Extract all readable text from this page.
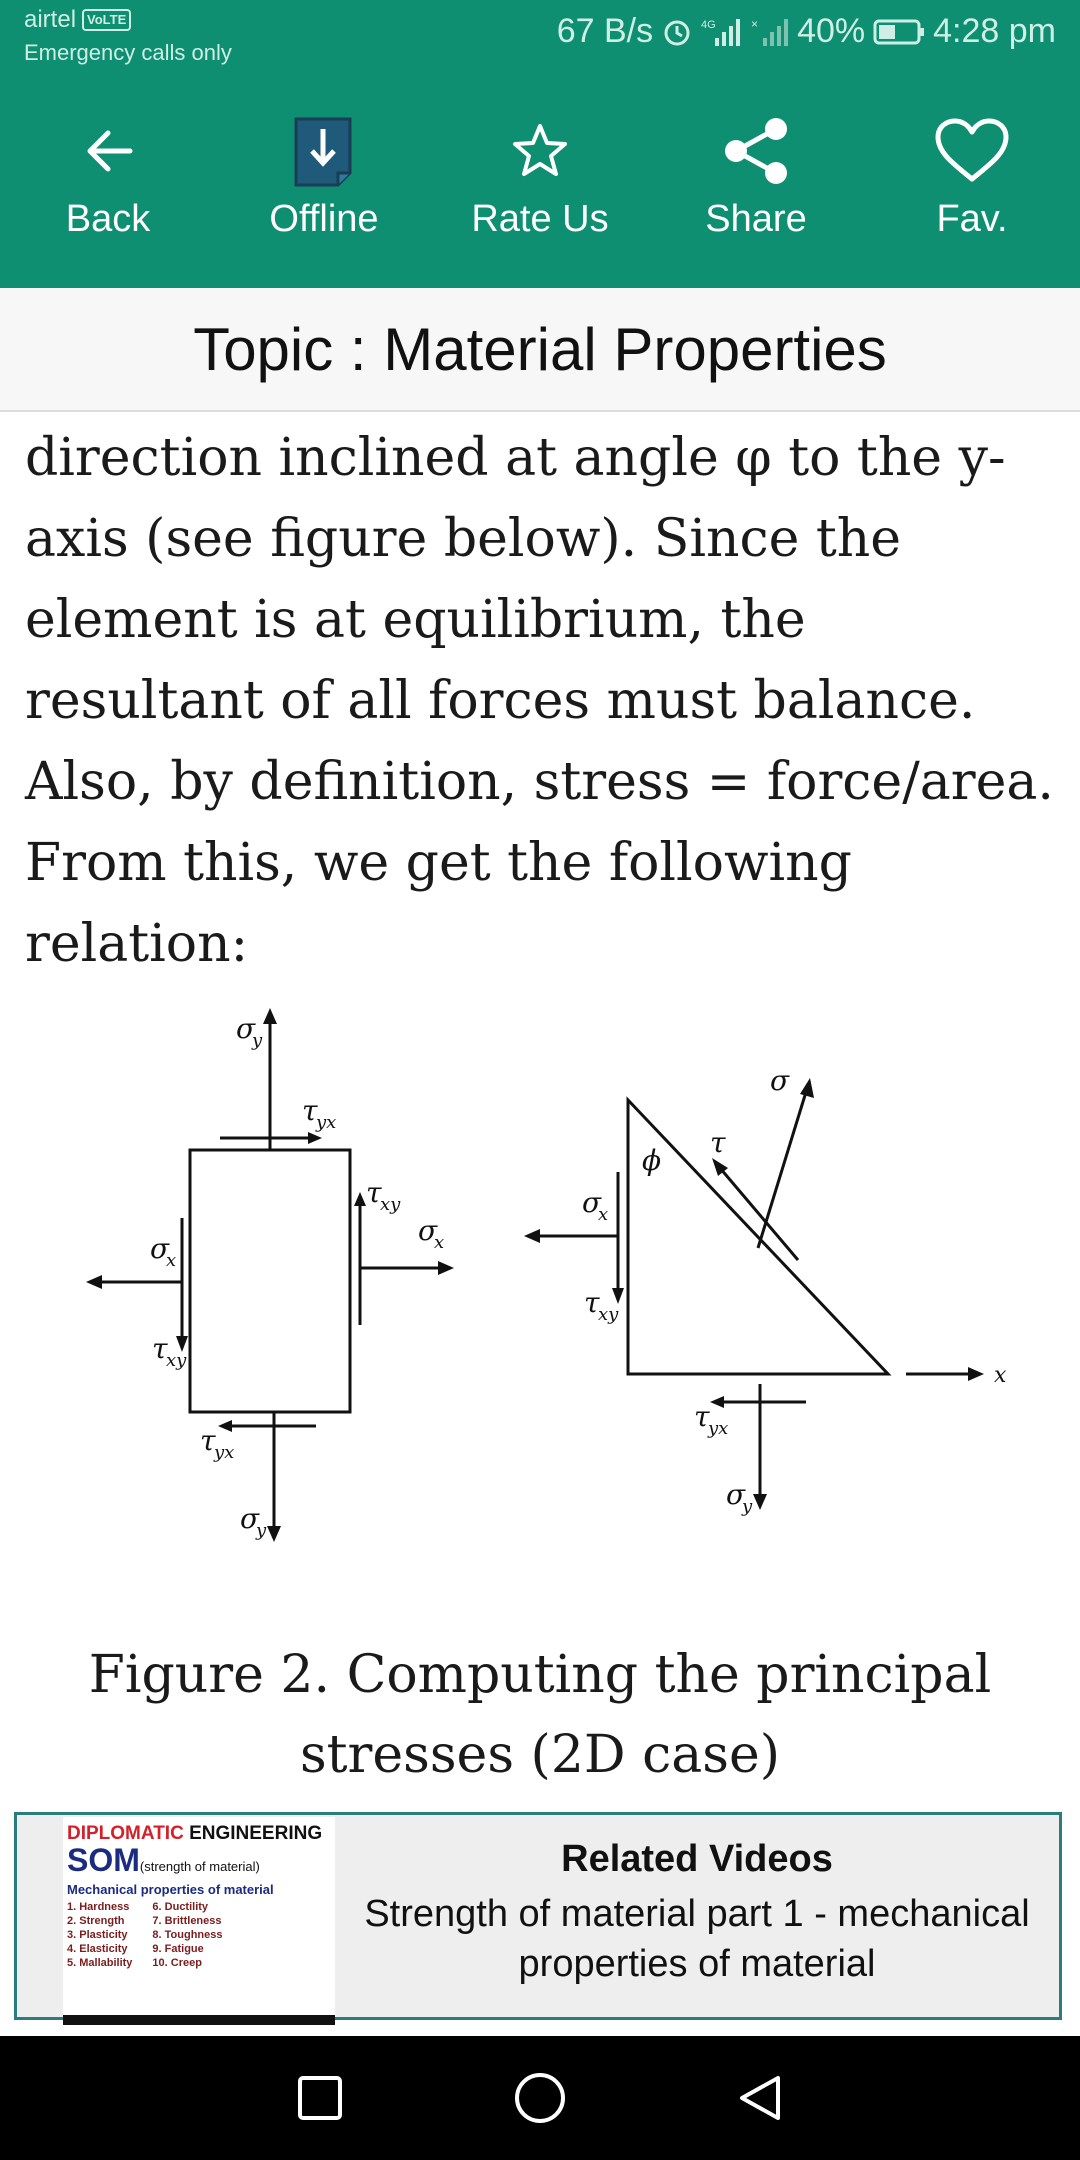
airtel VoLTE
Emergency calls only
67 B/s	4G	× 40% 4:28 pm
Back	Offline Rate Us	Share	Fav.
Topic : Material Properties

direction inclined at angle φ to the y-axis (see figure below). Since the element is at equilibrium, the resultant of all forces must balance. Also, by definition, stress = force/area. From this, we get the following relation:

σ
y
τ
yx
τ
xy
σ
x
σ
x
τ
xy
τ
yx
σ
y
ϕ
σ
τ
σ
x
τ
xy
τ
yx
σ
y
x
Figure 2. Computing the principal stresses (2D case)
DIPLOMATIC ENGINEERING
SOM(strength of material)
Mechanical properties of material
1. Hardness
2. Strength
3. Plasticity
4. Elasticity
5. Mallability
6. Ductility
7. Brittleness
8. Toughness
9. Fatigue
10. Creep
Related Videos
Strength of material part 1 - mechanical properties of material
